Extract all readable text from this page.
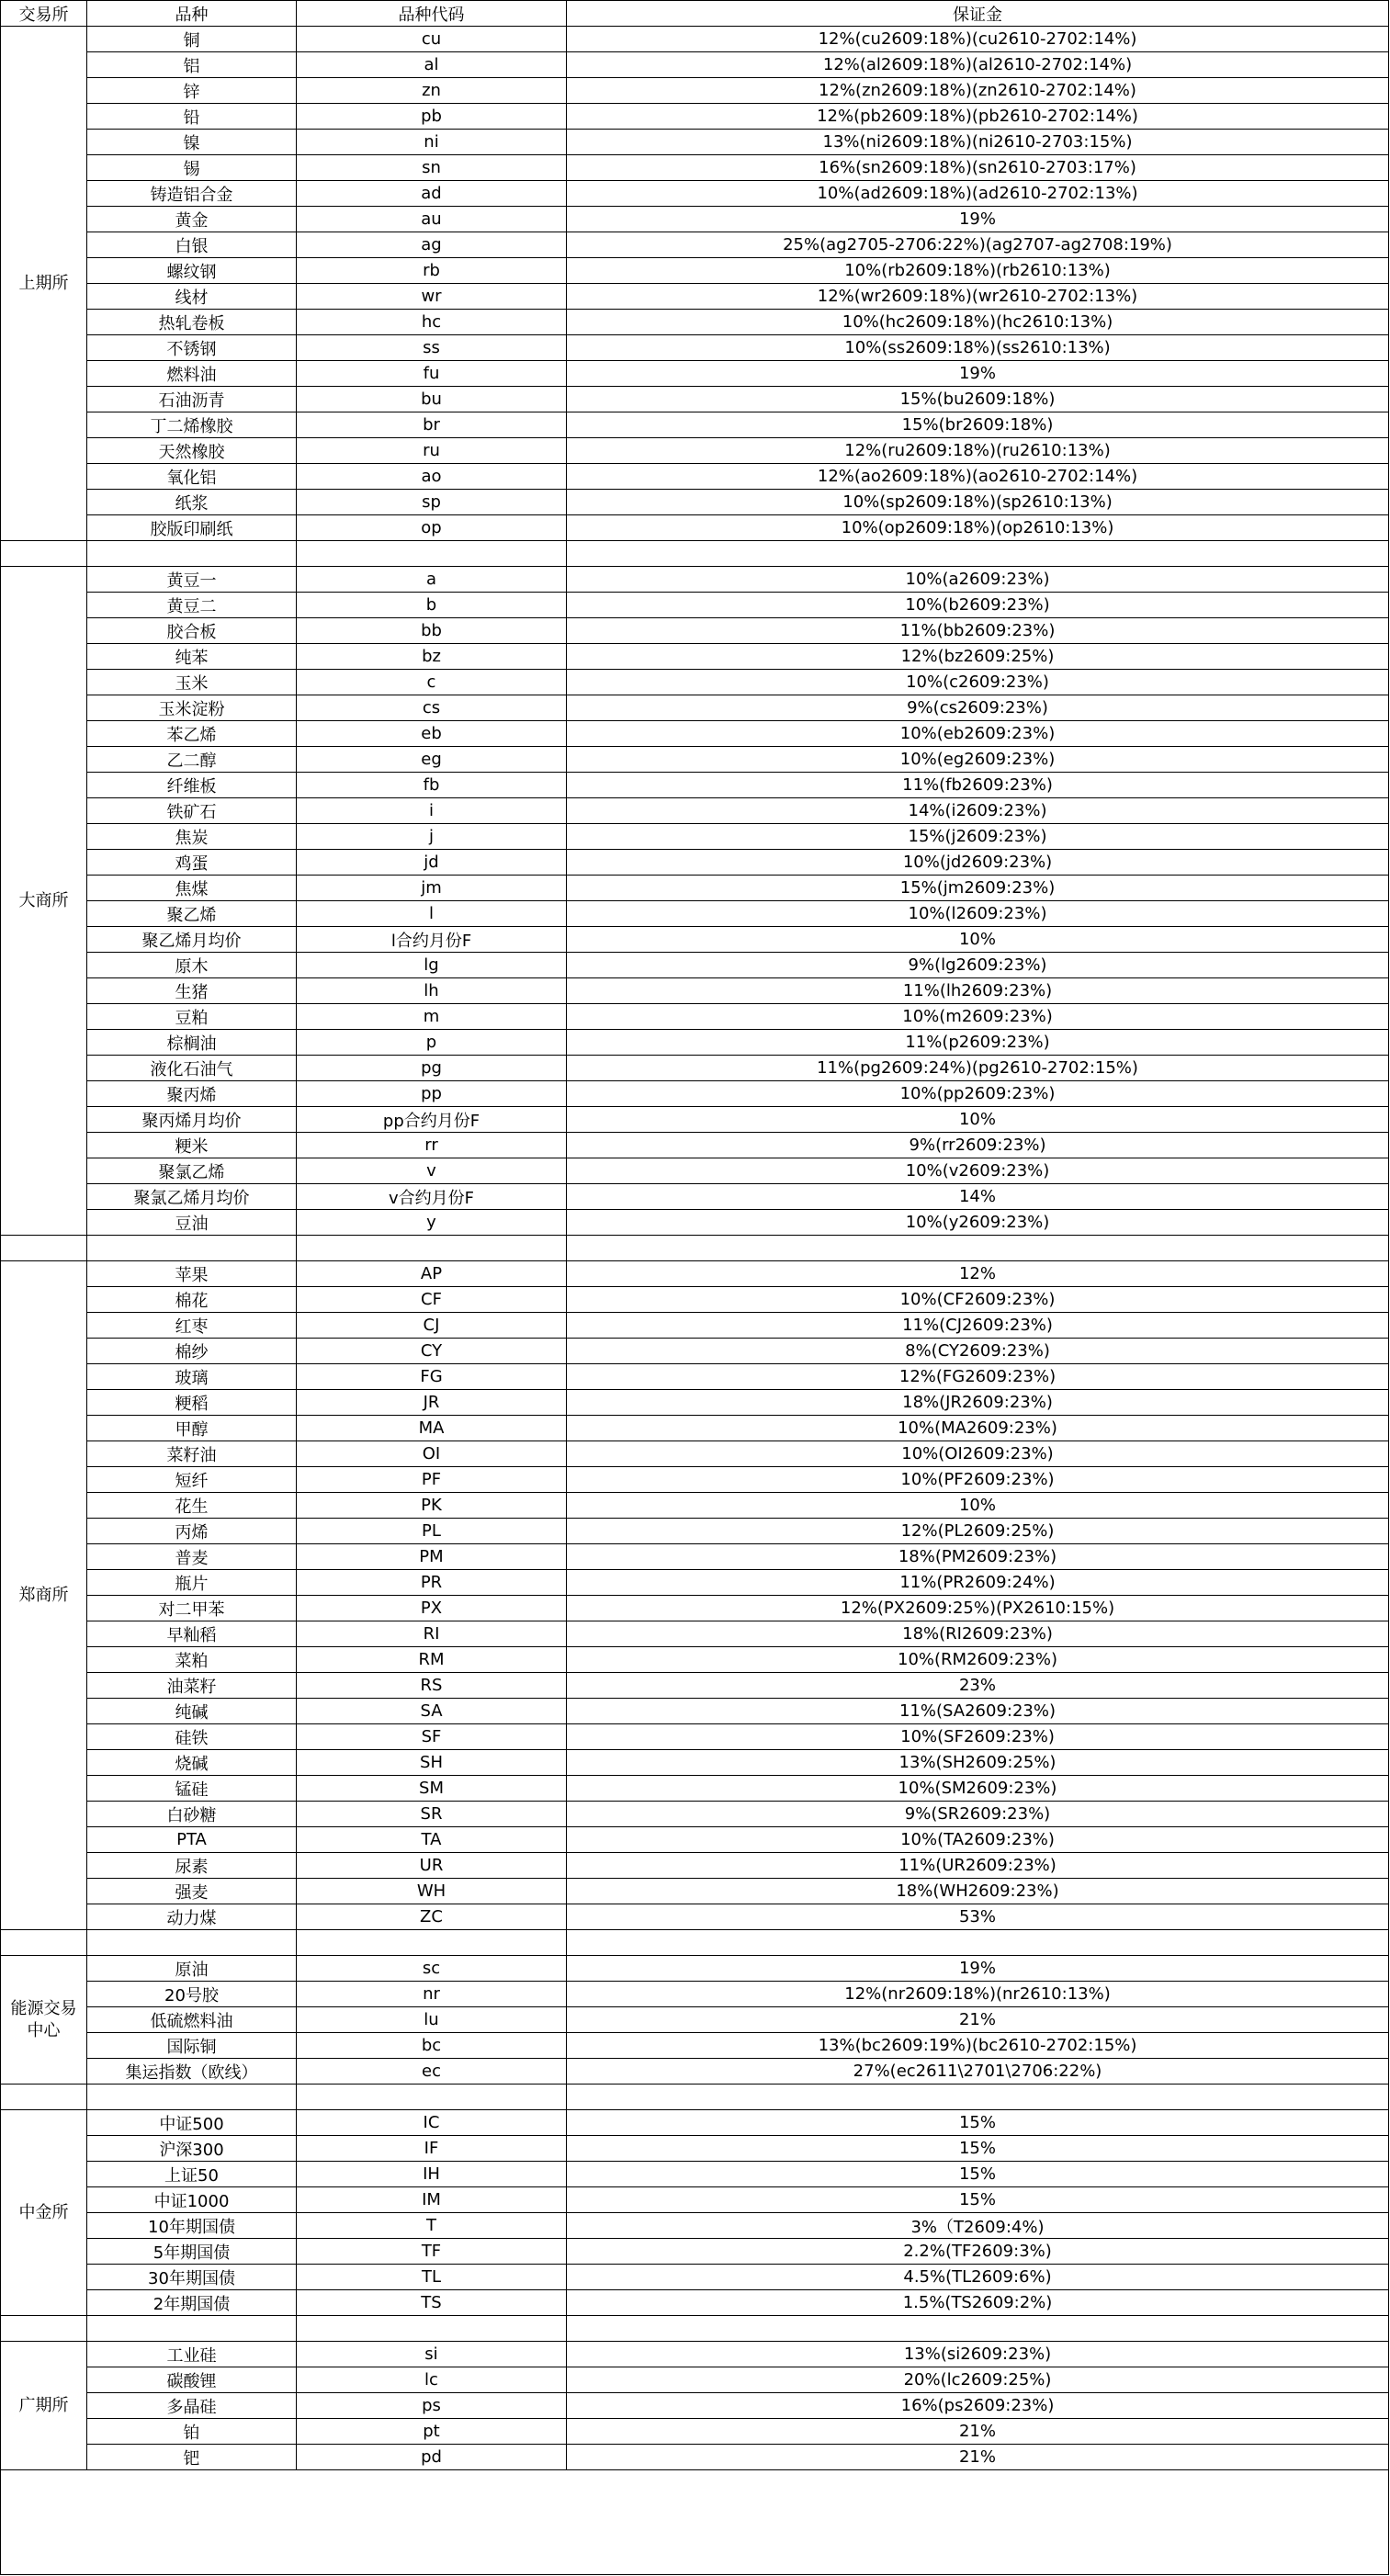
交易所	品种	品种代码	保证金
上期所	铜	cu	12%(cu2609:18%)(cu2610-2702:14%)
	铝	al	12%(al2609:18%)(al2610-2702:14%)
	锌	zn	12%(zn2609:18%)(zn2610-2702:14%)
	铅	pb	12%(pb2609:18%)(pb2610-2702:14%)
	镍	ni	13%(ni2609:18%)(ni2610-2703:15%)
	锡	sn	16%(sn2609:18%)(sn2610-2703:17%)
	铸造铝合金	ad	10%(ad2609:18%)(ad2610-2702:13%)
	黄金	au	19%
	白银	ag	25%(ag2705-2706:22%)(ag2707-ag2708:19%)
	螺纹钢	rb	10%(rb2609:18%)(rb2610:13%)
	线材	wr	12%(wr2609:18%)(wr2610-2702:13%)
	热轧卷板	hc	10%(hc2609:18%)(hc2610:13%)
	不锈钢	ss	10%(ss2609:18%)(ss2610:13%)
	燃料油	fu	19%
	石油沥青	bu	15%(bu2609:18%)
	丁二烯橡胶	br	15%(br2609:18%)
	天然橡胶	ru	12%(ru2609:18%)(ru2610:13%)
	氧化铝	ao	12%(ao2609:18%)(ao2610-2702:14%)
	纸浆	sp	10%(sp2609:18%)(sp2610:13%)
	胶版印刷纸	op	10%(op2609:18%)(op2610:13%)

大商所	黄豆一	a	10%(a2609:23%)
	黄豆二	b	10%(b2609:23%)
	胶合板	bb	11%(bb2609:23%)
	纯苯	bz	12%(bz2609:25%)
	玉米	c	10%(c2609:23%)
	玉米淀粉	cs	9%(cs2609:23%)
	苯乙烯	eb	10%(eb2609:23%)
	乙二醇	eg	10%(eg2609:23%)
	纤维板	fb	11%(fb2609:23%)
	铁矿石	i	14%(i2609:23%)
	焦炭	j	15%(j2609:23%)
	鸡蛋	jd	10%(jd2609:23%)
	焦煤	jm	15%(jm2609:23%)
	聚乙烯	l	10%(l2609:23%)
	聚乙烯月均价	l合约月份F	10%
	原木	lg	9%(lg2609:23%)
	生猪	lh	11%(lh2609:23%)
	豆粕	m	10%(m2609:23%)
	棕榈油	p	11%(p2609:23%)
	液化石油气	pg	11%(pg2609:24%)(pg2610-2702:15%)
	聚丙烯	pp	10%(pp2609:23%)
	聚丙烯月均价	pp合约月份F	10%
	粳米	rr	9%(rr2609:23%)
	聚氯乙烯	v	10%(v2609:23%)
	聚氯乙烯月均价	v合约月份F	14%
	豆油	y	10%(y2609:23%)

郑商所	苹果	AP	12%
	棉花	CF	10%(CF2609:23%)
	红枣	CJ	11%(CJ2609:23%)
	棉纱	CY	8%(CY2609:23%)
	玻璃	FG	12%(FG2609:23%)
	粳稻	JR	18%(JR2609:23%)
	甲醇	MA	10%(MA2609:23%)
	菜籽油	OI	10%(OI2609:23%)
	短纤	PF	10%(PF2609:23%)
	花生	PK	10%
	丙烯	PL	12%(PL2609:25%)
	普麦	PM	18%(PM2609:23%)
	瓶片	PR	11%(PR2609:24%)
	对二甲苯	PX	12%(PX2609:25%)(PX2610:15%)
	早籼稻	RI	18%(RI2609:23%)
	菜粕	RM	10%(RM2609:23%)
	油菜籽	RS	23%
	纯碱	SA	11%(SA2609:23%)
	硅铁	SF	10%(SF2609:23%)
	烧碱	SH	13%(SH2609:25%)
	锰硅	SM	10%(SM2609:23%)
	白砂糖	SR	9%(SR2609:23%)
	PTA	TA	10%(TA2609:23%)
	尿素	UR	11%(UR2609:23%)
	强麦	WH	18%(WH2609:23%)
	动力煤	ZC	53%

能源交易中心	原油	sc	19%
	20号胶	nr	12%(nr2609:18%)(nr2610:13%)
	低硫燃料油	lu	21%
	国际铜	bc	13%(bc2609:19%)(bc2610-2702:15%)
	集运指数（欧线）	ec	27%(ec2611\2701\2706:22%)

中金所	中证500	IC	15%
	沪深300	IF	15%
	上证50	IH	15%
	中证1000	IM	15%
	10年期国债	T	3%（T2609:4%)
	5年期国债	TF	2.2%(TF2609:3%)
	30年期国债	TL	4.5%(TL2609:6%)
	2年期国债	TS	1.5%(TS2609:2%)

广期所	工业硅	si	13%(si2609:23%)
	碳酸锂	lc	20%(lc2609:25%)
	多晶硅	ps	16%(ps2609:23%)
	铂	pt	21%
	钯	pd	21%
